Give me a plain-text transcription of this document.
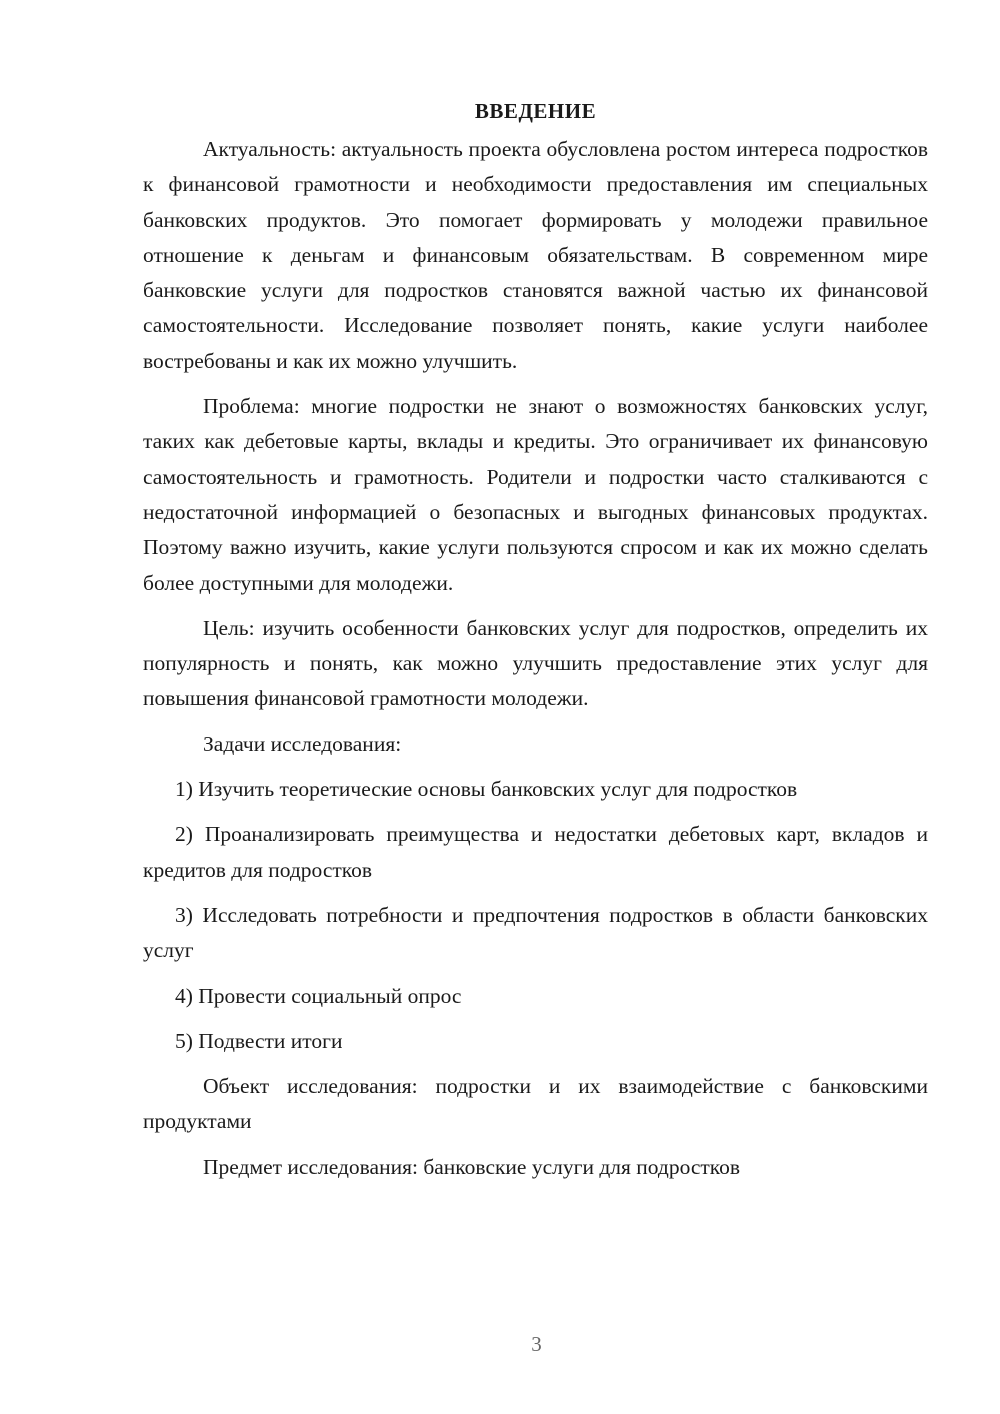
ВВЕДЕНИЕ

Актуальность: актуальность проекта обусловлена ростом интереса подростков к финансовой грамотности и необходимости предоставления им специальных банковских продуктов. Это помогает формировать у молодежи правильное отношение к деньгам и финансовым обязательствам. В современном мире банковские услуги для подростков становятся важной частью их финансовой самостоятельности. Исследование позволяет понять, какие услуги наиболее востребованы и как их можно улучшить.

Проблема: многие подростки не знают о возможностях банковских услуг, таких как дебетовые карты, вклады и кредиты. Это ограничивает их финансовую самостоятельность и грамотность. Родители и подростки часто сталкиваются с недостаточной информацией о безопасных и выгодных финансовых продуктах. Поэтому важно изучить, какие услуги пользуются спросом и как их можно сделать более доступными для молодежи.

Цель: изучить особенности банковских услуг для подростков, определить их популярность и понять, как можно улучшить предоставление этих услуг для повышения финансовой грамотности молодежи.

Задачи исследования:

1) Изучить теоретические основы банковских услуг для подростков

2) Проанализировать преимущества и недостатки дебетовых карт, вкладов и кредитов для подростков

3) Исследовать потребности и предпочтения подростков в области банковских услуг

4) Провести социальный опрос

5) Подвести итоги

Объект исследования: подростки и их взаимодействие с банковскими продуктами

Предмет исследования: банковские услуги для подростков

3
